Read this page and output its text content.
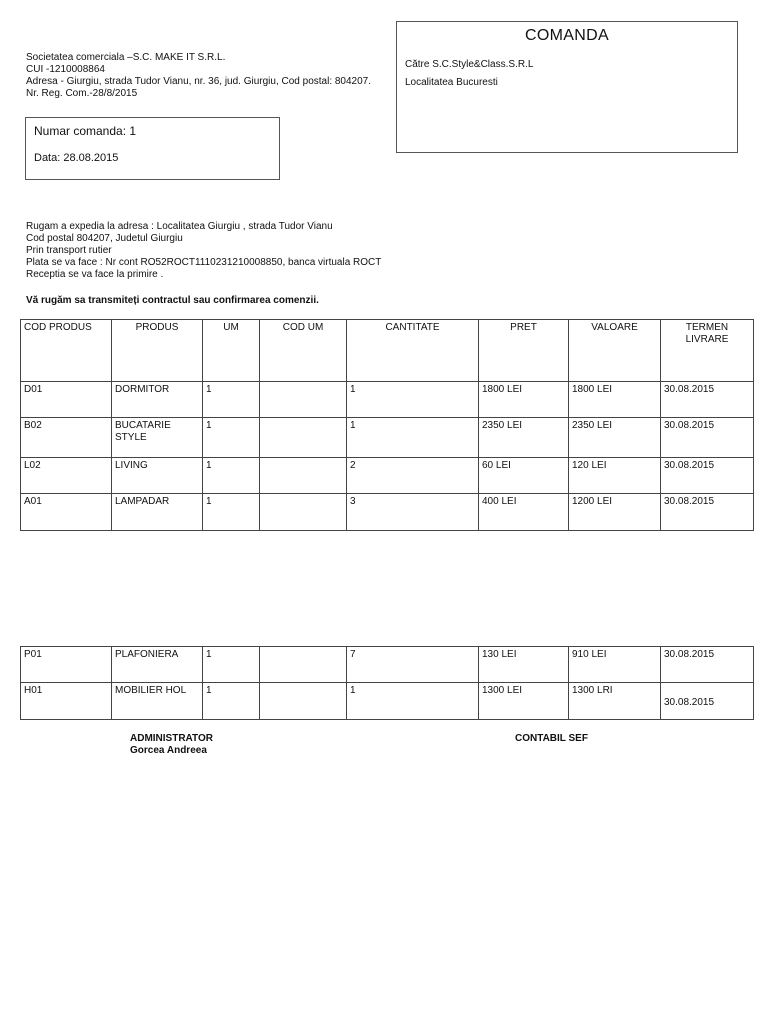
Societatea comerciala –S.C. MAKE IT S.R.L.
CUI -1210008864
Adresa - Giurgiu, strada Tudor Vianu, nr. 36, jud. Giurgiu, Cod postal: 804207.
Nr. Reg. Com.-28/8/2015
COMANDA
Către S.C.Style&Class.S.R.L
Localitatea Bucuresti
Numar comanda: 1
Data: 28.08.2015
Rugam a expedia la adresa : Localitatea Giurgiu , strada Tudor Vianu
Cod postal 804207, Judetul Giurgiu
Prin transport rutier
Plata se va face : Nr cont RO52ROCT1110231210008850, banca virtuala ROCT
Receptia se va face la primire .
Vă rugăm sa transmiteți contractul sau confirmarea comenzii.
COD PRODUS	PRODUS	UM	COD UM	CANTITATE	PRET	VALOARE	TERMEN LIVRARE
D01	DORMITOR	1		1	1800 LEI	1800 LEI	30.08.2015
B02	BUCATARIE STYLE	1		1	2350 LEI	2350 LEI	30.08.2015
L02	LIVING	1		2	60 LEI	120 LEI	30.08.2015
A01	LAMPADAR	1		3	400 LEI	1200 LEI	30.08.2015
P01	PLAFONIERA	1		7	130 LEI	910 LEI	30.08.2015
H01	MOBILIER HOL	1		1	1300 LEI	1300 LRI	30.08.2015
ADMINISTRATOR
Gorcea Andreea
CONTABIL SEF
